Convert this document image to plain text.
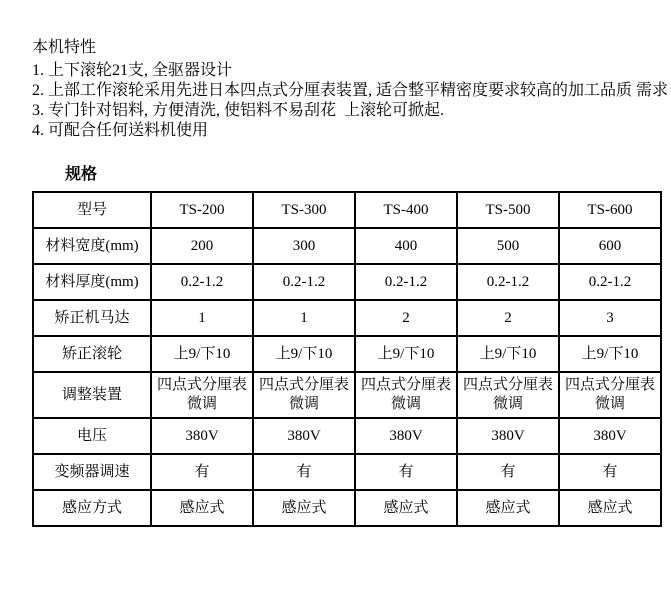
本机特性
1. 上下滚轮21支, 全驱器设计
2. 上部工作滚轮采用先进日本四点式分厘表装置, 适合整平精密度要求较高的加工品质 需求
3. 专门针对铝料, 方便清洗, 使铝料不易刮花  上滚轮可掀起.
4. 可配合任何送料机使用
规格
型号	TS-200	TS-300	TS-400	TS-500	TS-600
材料宽度(mm)	200	300	400	500	600
材料厚度(mm)	0.2-1.2	0.2-1.2	0.2-1.2	0.2-1.2	0.2-1.2
矫正机马达	1	1	2	2	3
矫正滚轮	上9/下10	上9/下10	上9/下10	上9/下10	上9/下10
调整装置	四点式分厘表微调	四点式分厘表微调	四点式分厘表微调	四点式分厘表微调	四点式分厘表微调
电压	380V	380V	380V	380V	380V
变频器调速	有	有	有	有	有
感应方式	感应式	感应式	感应式	感应式	感应式
